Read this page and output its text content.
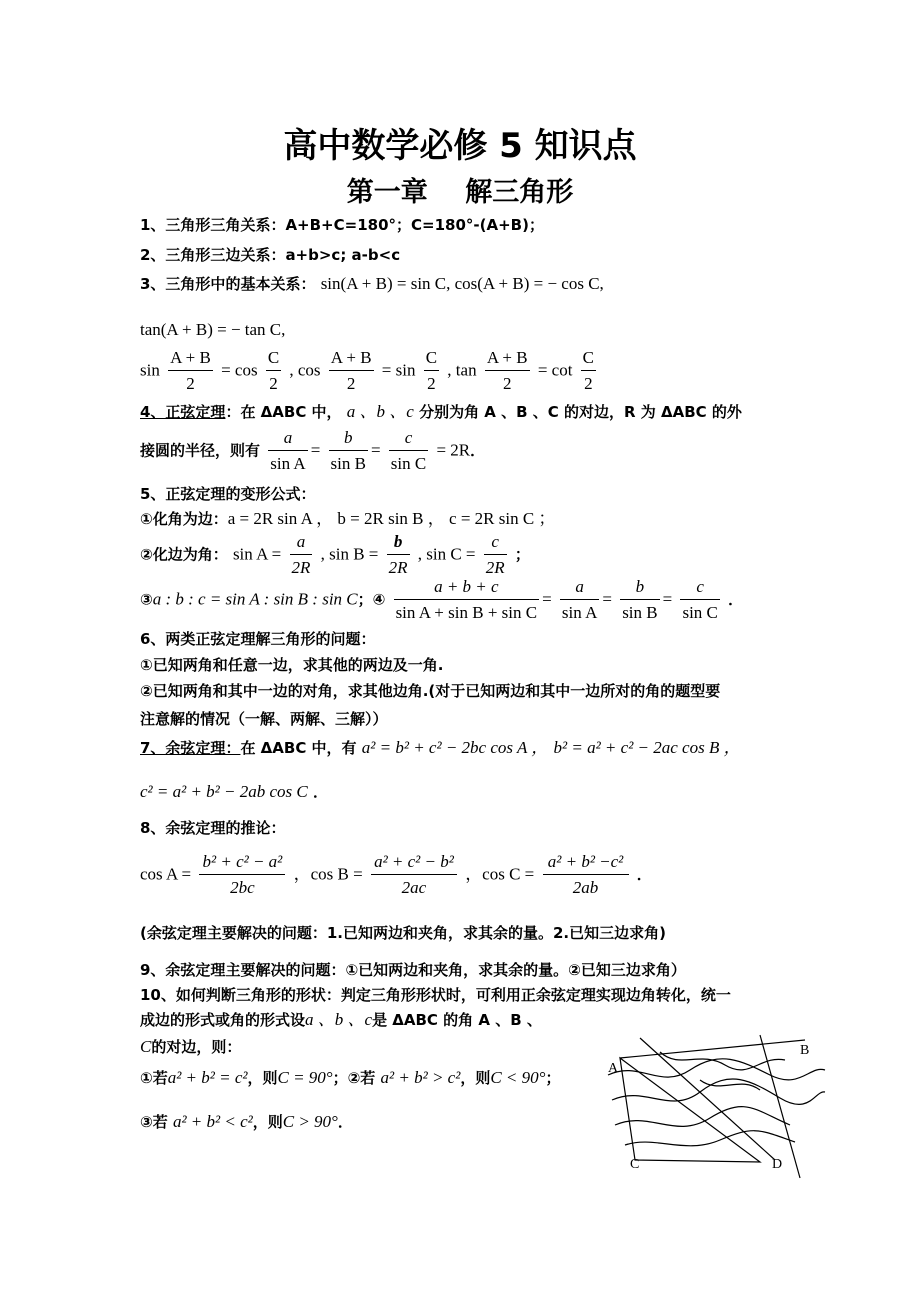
高中数学必修 5 知识点
第一章 解三角形
1、三角形三角关系：A+B+C=180°；C=180°-(A+B)；
2、三角形三边关系：a+b>c; a-b<c
3、三角形中的基本关系： sin(A + B) = sin C, cos(A + B) = − cos C,
tan(A + B) = − tan C,
$\sin \frac{A + B}{2} = \cos \frac{C}{2}$ , $\cos \frac{A + B}{2} = \sin \frac{C}{2}$ , $\tan \frac{A + B}{2} = \cot \frac{C}{2}$
4、正弦定理：在 ΔABC 中， a 、b 、c 分别为角 A 、B 、C 的对边，R 为 ΔABC 的外
接圆的半径，则有 $\frac{a}{\text{sin A}} = \frac{b}{\text{sin B}} = \frac{c}{\text{sin C}} = 2R$．
5、正弦定理的变形公式：
①化角为边：a = 2R sin A ， b = 2R sin B ， c = 2R sin C ；
②化边为角： $\sin A = \frac{a}{2R}$ , $\sin B = \frac{b}{2R}$ , $\sin C = \frac{c}{2R}$ ；
③a : b : c = sin A : sin B : sin C；④ $\frac{a + b + c}{\text{sin A + sin B + sin C}} = \frac{a}{\text{sin A}} = \frac{b}{\text{sin B}} = \frac{c}{\text{sin C}}$ ．
6、两类正弦定理解三角形的问题：
①已知两角和任意一边，求其他的两边及一角.
②已知两角和其中一边的对角，求其他边角.(对于已知两边和其中一边所对的角的题型要
注意解的情况（一解、两解、三解））
7、余弦定理：在 ΔABC 中，有 a² = b² + c² − 2bc cos A ， b² = a² + c² − 2ac cos B ，
c² = a² + b² − 2ab cos C ．
8、余弦定理的推论：
$\cos A = \frac{\text{b² + c² − a²}}{2bc}$ ，$\cos B = \frac{\text{a² + c² − b²}}{2ac}$ ，$\cos C = \frac{\text{a² + b² −c²}}{2ab}$ ．
(余弦定理主要解决的问题：1.已知两边和夹角，求其余的量。2.已知三边求角)
9、余弦定理主要解决的问题：①已知两边和夹角，求其余的量。②已知三边求角）
10、如何判断三角形的形状：判定三角形形状时，可利用正余弦定理实现边角转化，统一
成边的形式或角的形式设a 、b 、c是 ΔABC 的角 A 、B 、
C的对边，则：
①若a² + b² = c²，则C = 90°；②若 a² + b² > c²，则C < 90°；
③若 a² + b² < c²，则C > 90°．
A
B
C	D
